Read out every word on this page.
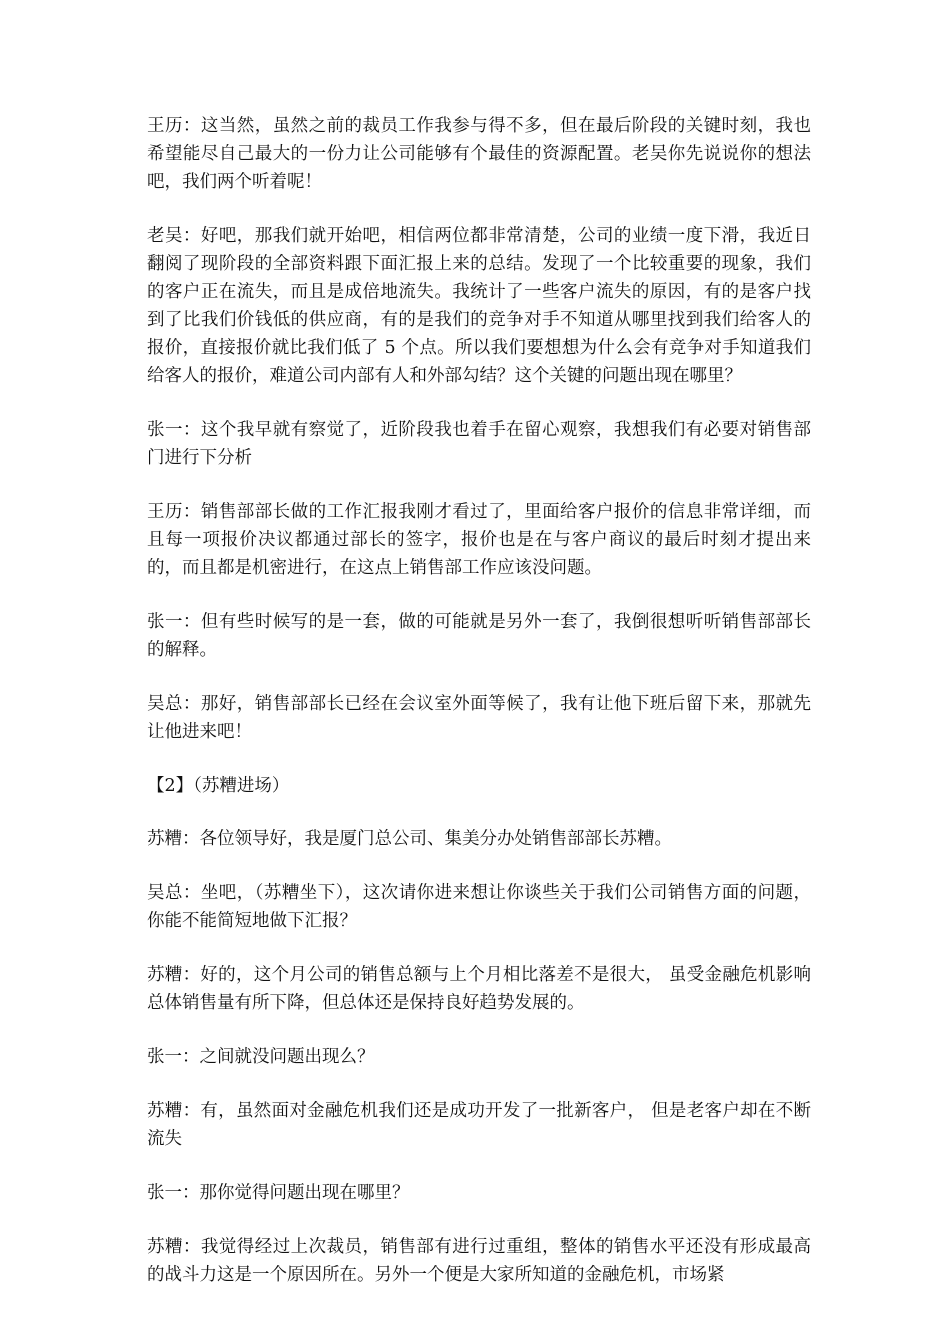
王历：这当然，虽然之前的裁员工作我参与得不多，但在最后阶段的关键时刻，我也希望能尽自己最大的一份力让公司能够有个最佳的资源配置。老吴你先说说你的想法吧，我们两个听着呢！

老吴：好吧，那我们就开始吧，相信两位都非常清楚，公司的业绩一度下滑，我近日翻阅了现阶段的全部资料跟下面汇报上来的总结。发现了一个比较重要的现象，我们的客户正在流失，而且是成倍地流失。我统计了一些客户流失的原因，有的是客户找到了比我们价钱低的供应商，有的是我们的竞争对手不知道从哪里找到我们给客人的报价，直接报价就比我们低了 5 个点。所以我们要想想为什么会有竞争对手知道我们给客人的报价，难道公司内部有人和外部勾结？这个关键的问题出现在哪里？

张一：这个我早就有察觉了，近阶段我也着手在留心观察，我想我们有必要对销售部门进行下分析

王历：销售部部长做的工作汇报我刚才看过了，里面给客户报价的信息非常详细，而且每一项报价决议都通过部长的签字，报价也是在与客户商议的最后时刻才提出来的，而且都是机密进行，在这点上销售部工作应该没问题。

张一：但有些时候写的是一套，做的可能就是另外一套了，我倒很想听听销售部部长的解释。

吴总：那好，销售部部长已经在会议室外面等候了，我有让他下班后留下来，那就先让他进来吧！

【2】（苏糟进场）

苏糟：各位领导好，我是厦门总公司、集美分办处销售部部长苏糟。

吴总：坐吧，（苏糟坐下），这次请你进来想让你谈些关于我们公司销售方面的问题，你能不能简短地做下汇报？

苏糟：好的，这个月公司的销售总额与上个月相比落差不是很大， 虽受金融危机影响总体销售量有所下降，但总体还是保持良好趋势发展的。

张一：之间就没问题出现么？

苏糟：有，虽然面对金融危机我们还是成功开发了一批新客户， 但是老客户却在不断流失

张一：那你觉得问题出现在哪里？

苏糟：我觉得经过上次裁员，销售部有进行过重组，整体的销售水平还没有形成最高的战斗力这是一个原因所在。另外一个便是大家所知道的金融危机，市场紧
